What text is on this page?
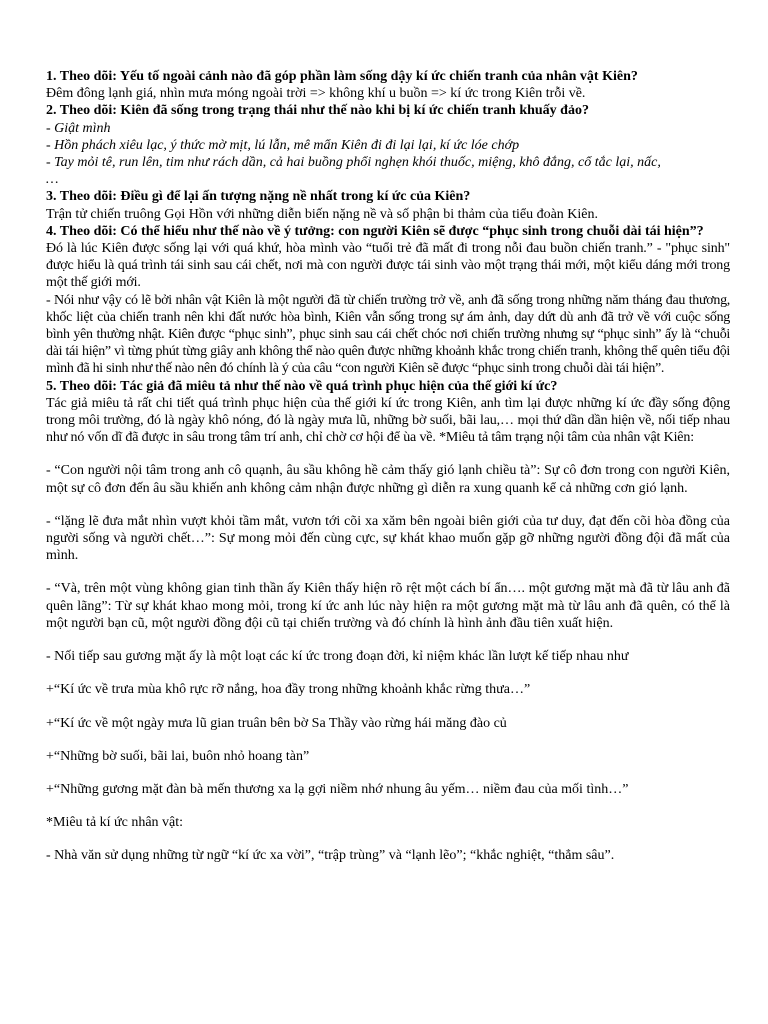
1. Theo dõi: Yếu tố ngoài cảnh nào đã góp phần làm sống dậy kí ức chiến tranh của nhân vật Kiên?
Đêm đông lạnh giá, nhìn mưa móng ngoài trời => không khí u buồn => kí ức trong Kiên trỗi về.
2. Theo dõi: Kiên đã sống trong trạng thái như thế nào khi bị kí ức chiến tranh khuấy đảo?
- Giật mình
- Hồn phách xiêu lạc, ý thức mờ mịt, lú lẫn, mê mẩn Kiên đi đi lại lại, kí ức lóe chớp
- Tay mỏi tê, run lên, tim như rách dần, cả hai buồng phổi nghẹn khói thuốc, miệng, khô đắng, cổ tắc lại, nấc,
…
3. Theo dõi: Điều gì để lại ấn tượng nặng nề nhất trong kí ức của Kiên?
Trận tử chiến truông Gọi Hồn với những diễn biến nặng nề và số phận bi thảm của tiểu đoàn Kiên.
4. Theo dõi: Có thể hiểu như thế nào về ý tưởng: con người Kiên sẽ được “phục sinh trong chuỗi dài tái hiện”?
Đó là lúc Kiên được sống lại với quá khứ, hòa mình vào “tuổi trẻ đã mất đi trong nỗi đau buồn chiến tranh.” - "phục sinh" được hiểu là quá trình tái sinh sau cái chết, nơi mà con người được tái sinh vào một trạng thái mới, một kiểu dáng mới trong một thế giới mới.
- Nói như vậy có lẽ bởi nhân vật Kiên là một người đã từ chiến trường trở về, anh đã sống trong những năm tháng đau thương, khốc liệt của chiến tranh nên khi đất nước hòa bình, Kiên vẫn sống trong sự ám ảnh, day dứt dù anh đã trở về với cuộc sống bình yên thường nhật. Kiên được “phục sinh”, phục sinh sau cái chết chóc nơi chiến trường nhưng sự “phục sinh” ấy là “chuỗi dài tái hiện” vì từng phút từng giây anh không thể nào quên được những khoảnh khắc trong chiến tranh, không thể quên tiểu đội mình đã hi sinh như thế nào nên đó chính là ý của câu “con người Kiên sẽ được “phục sinh trong chuỗi dài tái hiện”.
5. Theo dõi: Tác giả đã miêu tả như thế nào về quá trình phục hiện của thế giới kí ức?
Tác giả miêu tả rất chi tiết quá trình phục hiện của thế giới kí ức trong Kiên, anh tìm lại được những kí ức đầy sống động trong môi trường, đó là ngày khô nóng, đó là ngày mưa lũ, những bờ suối, bãi lau,… mọi thứ dần dần hiện về, nối tiếp nhau như nó vốn dĩ đã được in sâu trong tâm trí anh, chỉ chờ cơ hội để ùa về. *Miêu tả tâm trạng nội tâm của nhân vật Kiên:
- “Con người nội tâm trong anh cô quạnh, âu sầu không hề cảm thấy gió lạnh chiều tà”: Sự cô đơn trong con người Kiên, một sự cô đơn đến âu sầu khiến anh không cảm nhận được những gì diễn ra xung quanh kể cả những cơn gió lạnh.
- “lặng lẽ đưa mắt nhìn vượt khỏi tầm mắt, vươn tới cõi xa xăm bên ngoài biên giới của tư duy, đạt đến cõi hòa đồng của người sống và người chết…”: Sự mong mỏi đến cùng cực, sự khát khao muốn gặp gỡ những người đồng đội đã mất của mình.
- “Và, trên một vùng không gian tinh thần ấy Kiên thấy hiện rõ rệt một cách bí ẩn…. một gương mặt mà đã từ lâu anh đã quên lãng”: Từ sự khát khao mong mỏi, trong kí ức anh lúc này hiện ra một gương mặt mà từ lâu anh đã quên, có thể là một người bạn cũ, một người đồng đội cũ tại chiến trường và đó chính là hình ảnh đầu tiên xuất hiện.
- Nối tiếp sau gương mặt ấy là một loạt các kí ức trong đoạn đời, kỉ niệm khác lần lượt kế tiếp nhau như
+“Kí ức về trưa mùa khô rực rỡ nắng, hoa đầy trong những khoảnh khắc rừng thưa…”
+“Kí ức về một ngày mưa lũ gian truân bên bờ Sa Thầy vào rừng hái măng đào củ
+“Những bờ suối, bãi lai, buôn nhỏ hoang tàn”
+“Những gương mặt đàn bà mến thương xa lạ gợi niềm nhớ nhung âu yếm… niềm đau của mối tình…”
*Miêu tả kí ức nhân vật:
- Nhà văn sử dụng những từ ngữ “kí ức xa vời”, “trập trùng” và “lạnh lẽo”; “khắc nghiệt, “thẳm sâu”.
